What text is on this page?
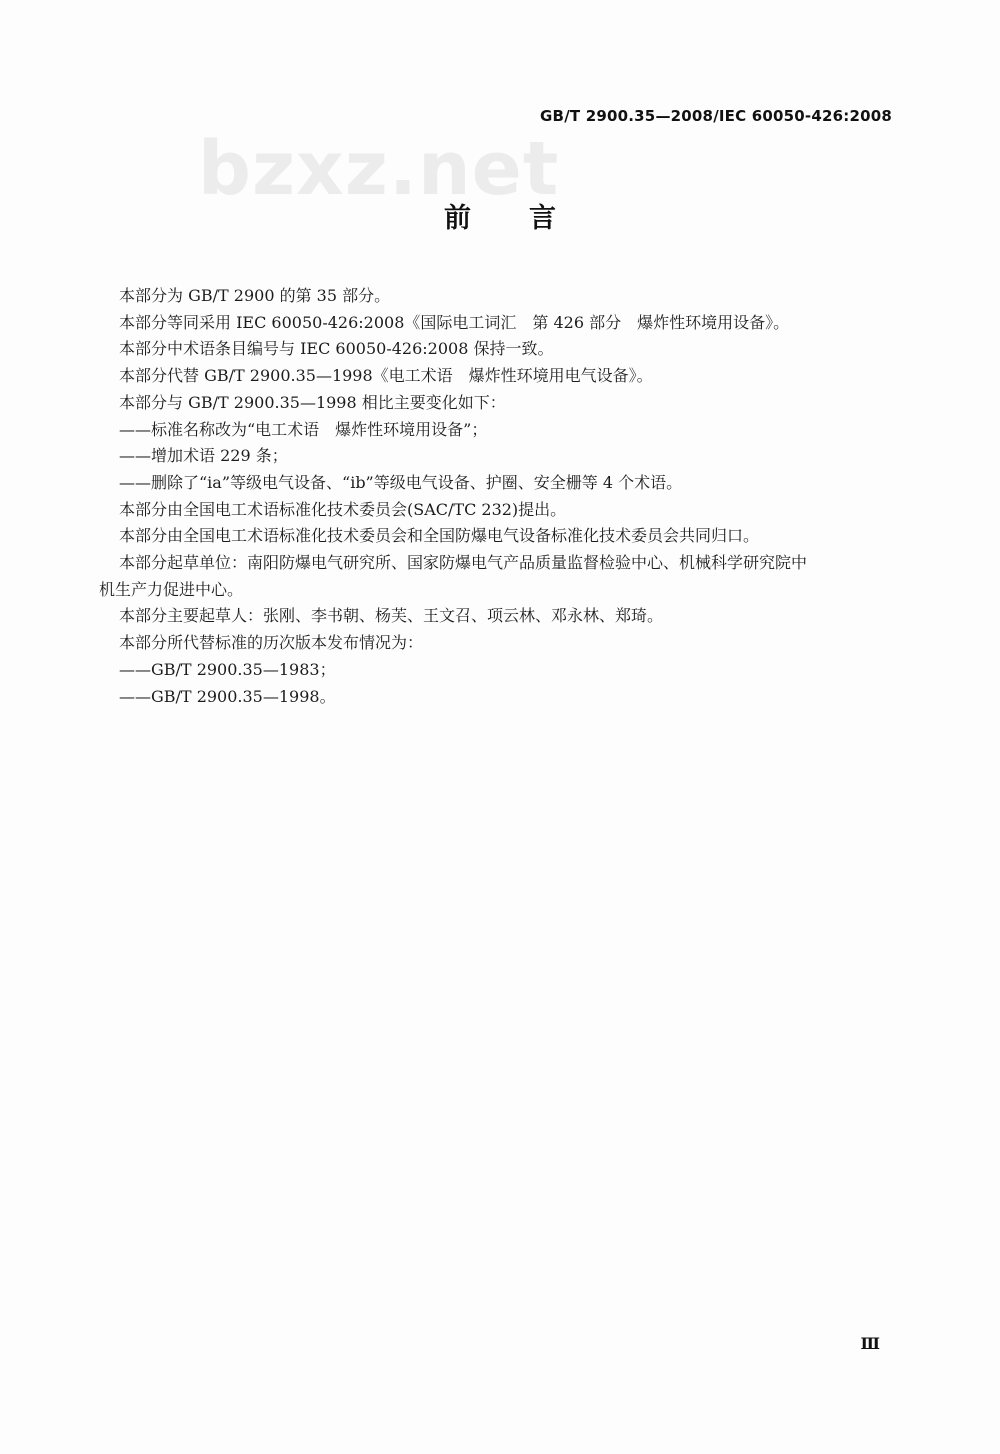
GB/T 2900.35—2008/IEC 60050-426:2008
bzxz.net
前言

本部分为 GB/T 2900 的第 35 部分。

本部分等同采用 IEC 60050-426:2008《国际电工词汇　第 426 部分　爆炸性环境用设备》。

本部分中术语条目编号与 IEC 60050-426:2008 保持一致。

本部分代替 GB/T 2900.35—1998《电工术语　爆炸性环境用电气设备》。

本部分与 GB/T 2900.35—1998 相比主要变化如下：

——标准名称改为“电工术语　爆炸性环境用设备”；

——增加术语 229 条；

——删除了“ia”等级电气设备、“ib”等级电气设备、护圈、安全栅等 4 个术语。

本部分由全国电工术语标准化技术委员会(SAC/TC 232)提出。

本部分由全国电工术语标准化技术委员会和全国防爆电气设备标准化技术委员会共同归口。

本部分起草单位：南阳防爆电气研究所、国家防爆电气产品质量监督检验中心、机械科学研究院中

机生产力促进中心。

本部分主要起草人：张刚、李书朝、杨芙、王文召、项云林、邓永林、郑琦。

本部分所代替标准的历次版本发布情况为：

——GB/T 2900.35—1983；

——GB/T 2900.35—1998。

Ⅲ
